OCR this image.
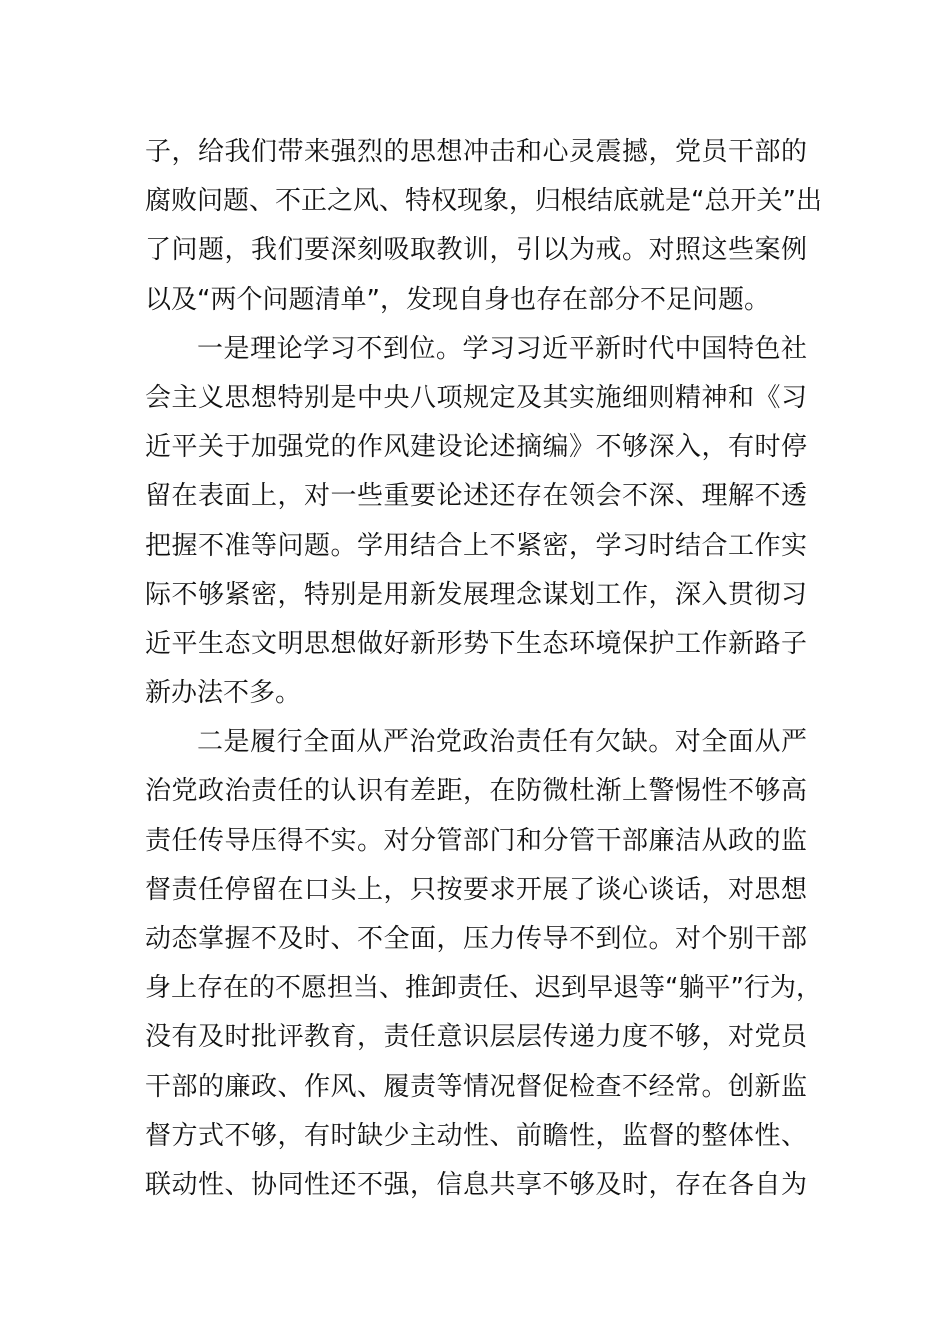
子，给我们带来强烈的思想冲击和心灵震撼，党员干部的
腐败问题、不正之风、特权现象，归根结底就是“总开关”出
了问题，我们要深刻吸取教训，引以为戒。对照这些案例
以及“两个问题清单”，发现自身也存在部分不足问题。
一是理论学习不到位。学习习近平新时代中国特色社
会主义思想特别是中央八项规定及其实施细则精神和《习
近平关于加强党的作风建设论述摘编》不够深入，有时停
留在表面上，对一些重要论述还存在领会不深、理解不透
把握不准等问题。学用结合上不紧密，学习时结合工作实
际不够紧密，特别是用新发展理念谋划工作，深入贯彻习
近平生态文明思想做好新形势下生态环境保护工作新路子
新办法不多。
二是履行全面从严治党政治责任有欠缺。对全面从严
治党政治责任的认识有差距，在防微杜渐上警惕性不够高
责任传导压得不实。对分管部门和分管干部廉洁从政的监
督责任停留在口头上，只按要求开展了谈心谈话，对思想
动态掌握不及时、不全面，压力传导不到位。对个别干部
身上存在的不愿担当、推卸责任、迟到早退等“躺平”行为，
没有及时批评教育，责任意识层层传递力度不够，对党员
干部的廉政、作风、履责等情况督促检查不经常。创新监
督方式不够，有时缺少主动性、前瞻性，监督的整体性、
联动性、协同性还不强，信息共享不够及时，存在各自为
